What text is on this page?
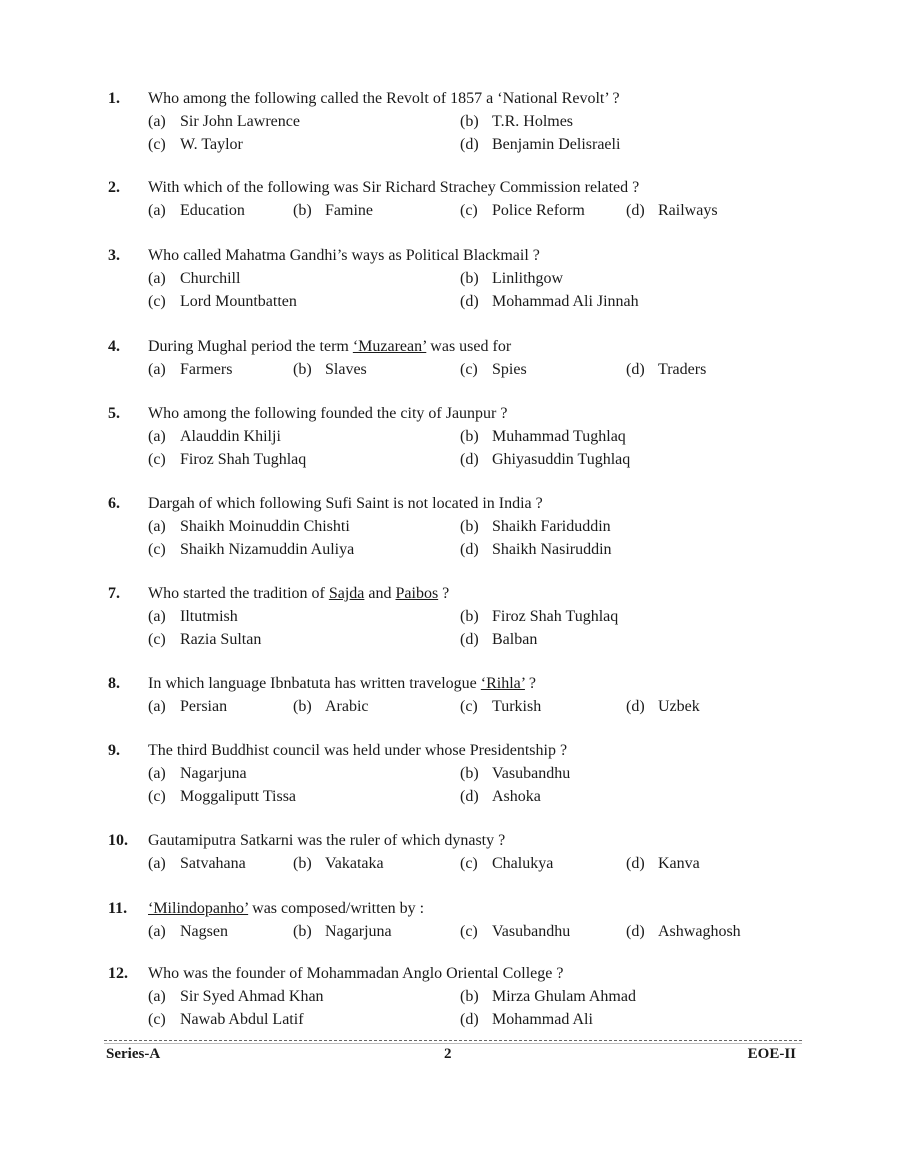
1. Who among the following called the Revolt of 1857 a ‘National Revolt’ ?
(a) Sir John Lawrence	(b) T.R. Holmes
(c) W. Taylor	(d) Benjamin Delisraeli
2. With which of the following was Sir Richard Strachey Commission related ?
(a) Education	(b) Famine	(c) Police Reform	(d) Railways
3. Who called Mahatma Gandhi’s ways as Political Blackmail ?
(a) Churchill	(b) Linlithgow
(c) Lord Mountbatten	(d) Mohammad Ali Jinnah
4. During Mughal period the term ‘Muzarean’ was used for
(a) Farmers	(b) Slaves	(c) Spies	(d) Traders
5. Who among the following founded the city of Jaunpur ?
(a) Alauddin Khilji	(b) Muhammad Tughlaq
(c) Firoz Shah Tughlaq	(d) Ghiyasuddin Tughlaq
6. Dargah of which following Sufi Saint is not located in India ?
(a) Shaikh Moinuddin Chishti	(b) Shaikh Fariduddin
(c) Shaikh Nizamuddin Auliya	(d) Shaikh Nasiruddin
7. Who started the tradition of Sajda and Paibos ?
(a) Iltutmish	(b) Firoz Shah Tughlaq
(c) Razia Sultan	(d) Balban
8. In which language Ibnbatuta has written travelogue ‘Rihla’ ?
(a) Persian	(b) Arabic	(c) Turkish	(d) Uzbek
9. The third Buddhist council was held under whose Presidentship ?
(a) Nagarjuna	(b) Vasubandhu
(c) Moggaliputt Tissa	(d) Ashoka
10. Gautamiputra Satkarni was the ruler of which dynasty ?
(a) Satvahana	(b) Vakataka	(c) Chalukya	(d) Kanva
11. ‘Milindopanho’ was composed/written by :
(a) Nagsen	(b) Nagarjuna	(c) Vasubandhu	(d) Ashwaghosh
12. Who was the founder of Mohammadan Anglo Oriental College ?
(a) Sir Syed Ahmad Khan	(b) Mirza Ghulam Ahmad
(c) Nawab Abdul Latif	(d) Mohammad Ali
Series-A	2	EOE-II
